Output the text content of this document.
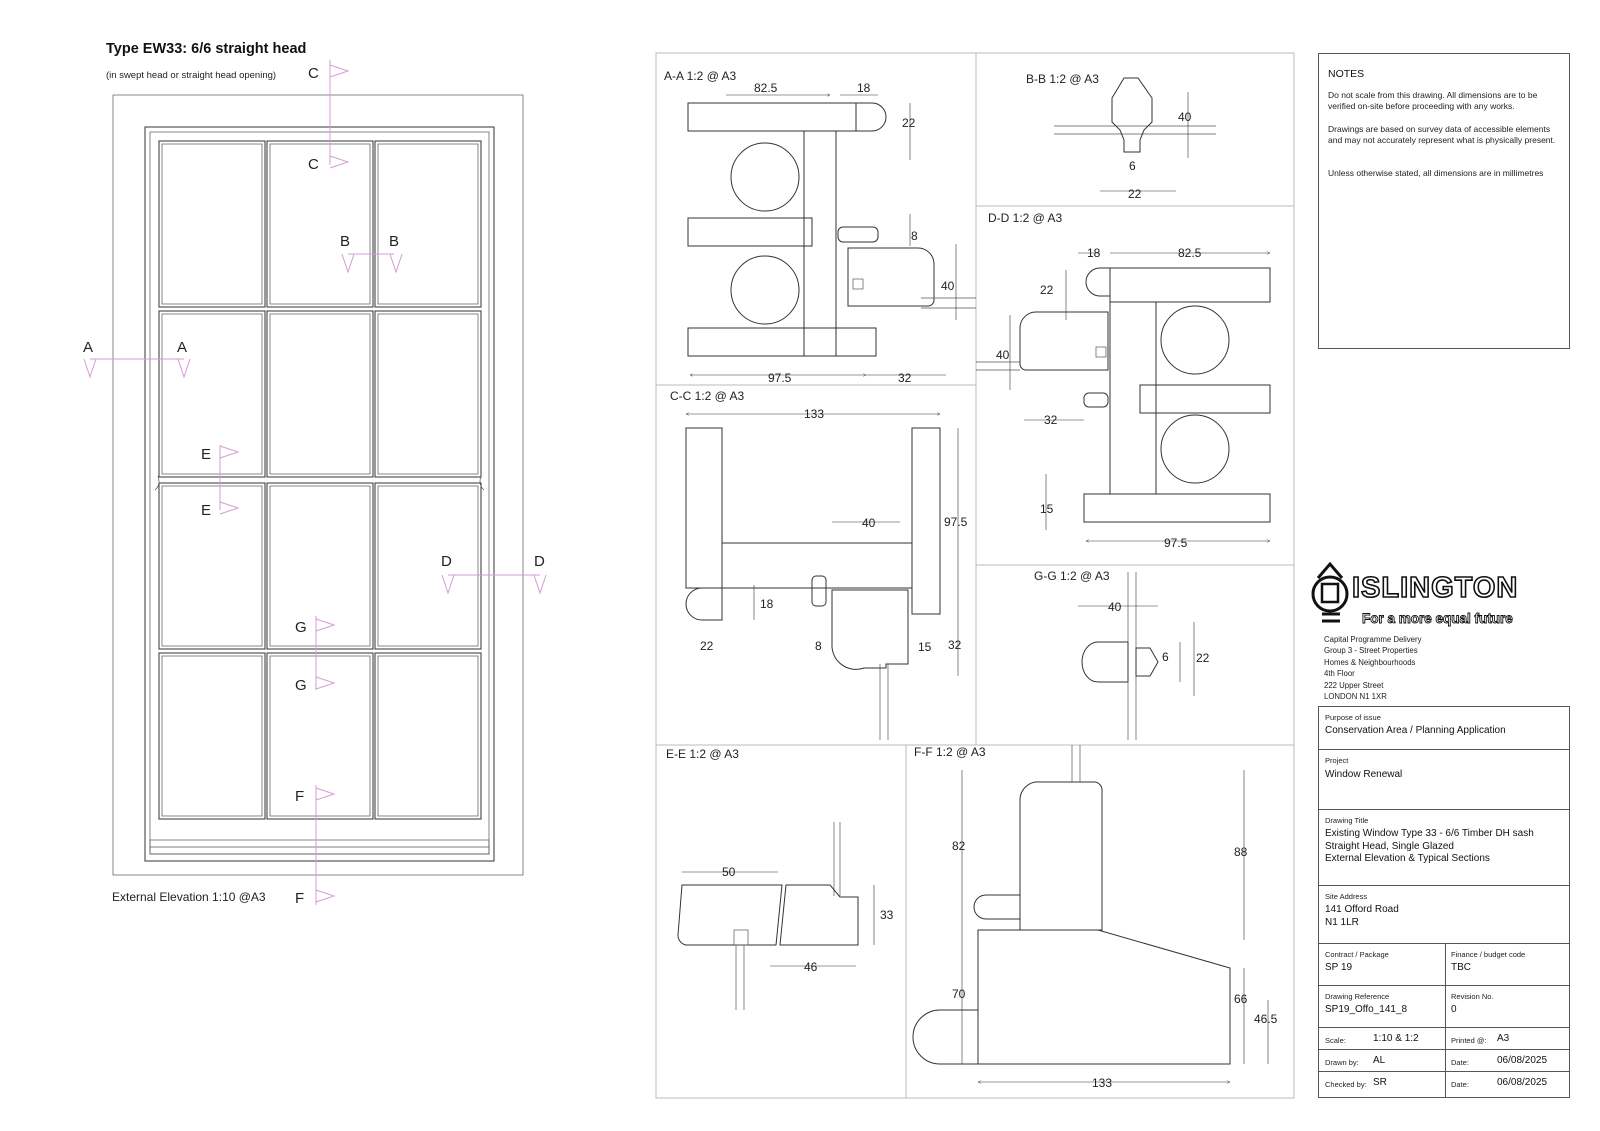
Type EW33: 6/6 straight head
(in swept head or straight head opening) C
C
B	B
A	A
E
E
D	D
G
G
F
F
External Elevation 1:10 @A3
A-A 1:2 @ A3
82.5	18
22
8
40
97.5	32
B-B 1:2 @ A3
40
6
22
C-C 1:2 @ A3
133
40	97.5
18
22	8	15 32
D-D 1:2 @ A3
18	82.5
22
40
32
15
97.5
G-G 1:2 @ A3
40
6 22
E-E 1:2 @ A3
50
33
46
F-F 1:2 @ A3
82	88
70	66
46.5
133
NOTES
Do not scale from this drawing. All dimensions are to be verified on-site before proceeding with any works.
Drawings are based on survey data of accessible elements and may not accurately represent what is physically present.
Unless otherwise stated, all dimensions are in millimetres
ISLINGTON
For a more equal future
Capital Programme Delivery
Group 3 - Street Properties
Homes & Neighbourhoods
4th Floor
222 Upper Street
LONDON N1 1XR
Purpose of issue
Conservation Area / Planning Application
Project
Window Renewal
Drawing Title
Existing Window Type 33 - 6/6 Timber DH sash
Straight Head, Single Glazed
External Elevation & Typical Sections
Site Address
141 Offord Road
N1 1LR
Contract / Package
SP 19
Finance / budget code
TBC
Drawing Reference
SP19_Offo_141_8
Revision No.
0
Scale:	1:10 & 1:2	Printed @: A3
Drawn by: AL	Date:	06/08/2025
Checked by: SR	Date:	06/08/2025
